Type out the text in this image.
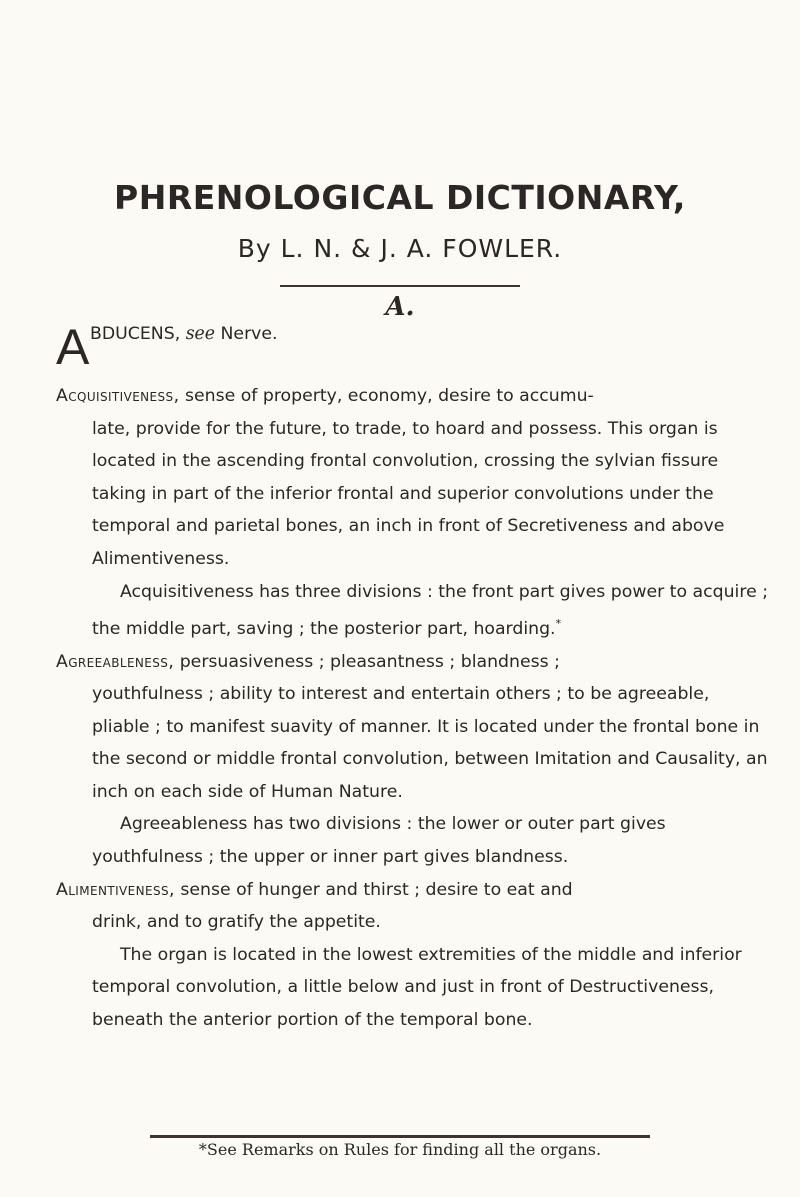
PHRENOLOGICAL DICTIONARY,
By L. N. & J. A. FOWLER.
A.
A BDUCENS, see Nerve.
Acquisitiveness, sense of property, economy, desire to accumu-
late, provide for the future, to trade, to hoard and possess. This organ is located in the ascending frontal convolution, crossing the sylvian fissure taking in part of the inferior frontal and superior convolutions under the temporal and parietal bones, an inch in front of Secretiveness and above Alimentiveness.
Acquisitiveness has three divisions : the front part gives power to acquire ; the middle part, saving ; the posterior part, hoarding.*
Agreeableness, persuasiveness ; pleasantness ; blandness ;
youthfulness ; ability to interest and entertain others ; to be agreeable, pliable ; to manifest suavity of manner. It is located under the frontal bone in the second or middle frontal convolution, between Imitation and Causality, an inch on each side of Human Nature.
Agreeableness has two divisions : the lower or outer part gives youthfulness ; the upper or inner part gives blandness.
Alimentiveness, sense of hunger and thirst ; desire to eat and
drink, and to gratify the appetite.
The organ is located in the lowest extremities of the middle and inferior temporal convolution, a little below and just in front of Destructiveness, beneath the anterior portion of the temporal bone.
*See Remarks on Rules for finding all the organs.
